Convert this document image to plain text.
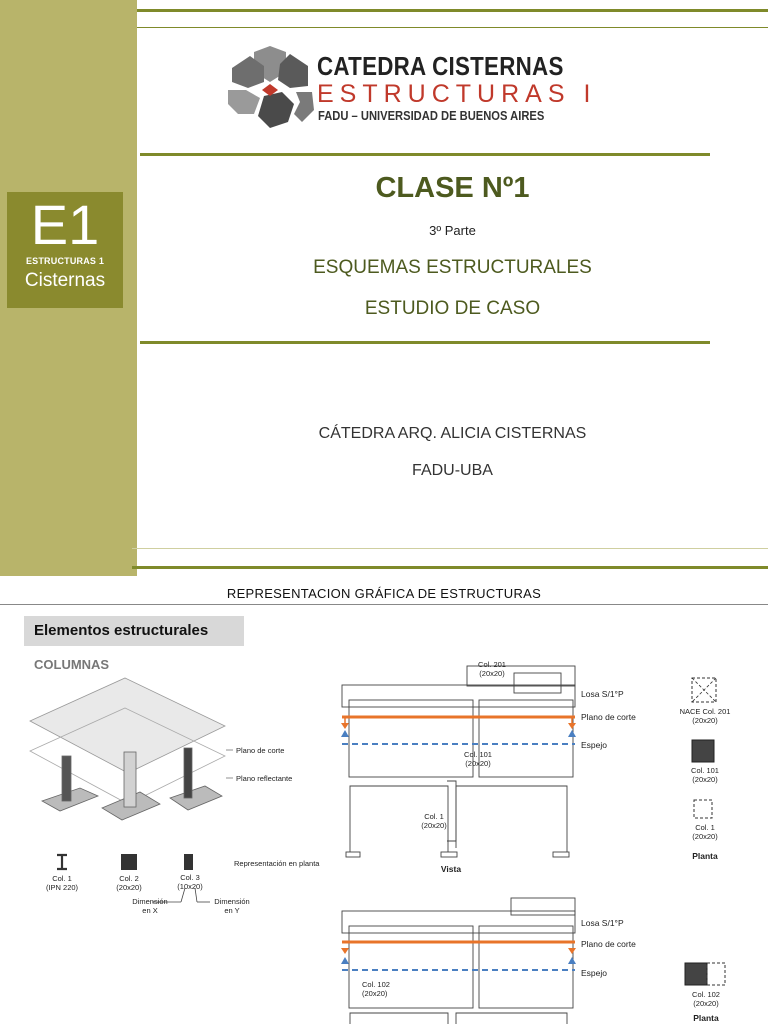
E1
ESTRUCTURAS 1
Cisternas
CATEDRA CISTERNAS
ESTRUCTURAS I
FADU – UNIVERSIDAD DE BUENOS AIRES
CLASE Nº1
3º Parte
ESQUEMAS ESTRUCTURALES
ESTUDIO DE CASO
CÁTEDRA ARQ. ALICIA CISTERNAS
FADU-UBA
REPRESENTACION GRÁFICA DE ESTRUCTURAS
Elementos estructurales
COLUMNAS
Plano de corte
Plano reflectante
Representación en planta
Col. 1
(IPN 220)
Col. 2
(20x20)
Col. 3
(10x20)
Dimensión
en X
Dimensión
en Y
Col. 201
(20x20)
Losa S/1°P
Plano de corte
Espejo
Col. 101
(20x20)
Col. 1
(20x20)
Vista
NACE Col. 201
(20x20)
Col. 101
(20x20)
Col. 1
(20x20)
Planta
Losa S/1°P
Plano de corte
Espejo
Col. 102
(20x20)	Col. 102
(20x20)
Planta
